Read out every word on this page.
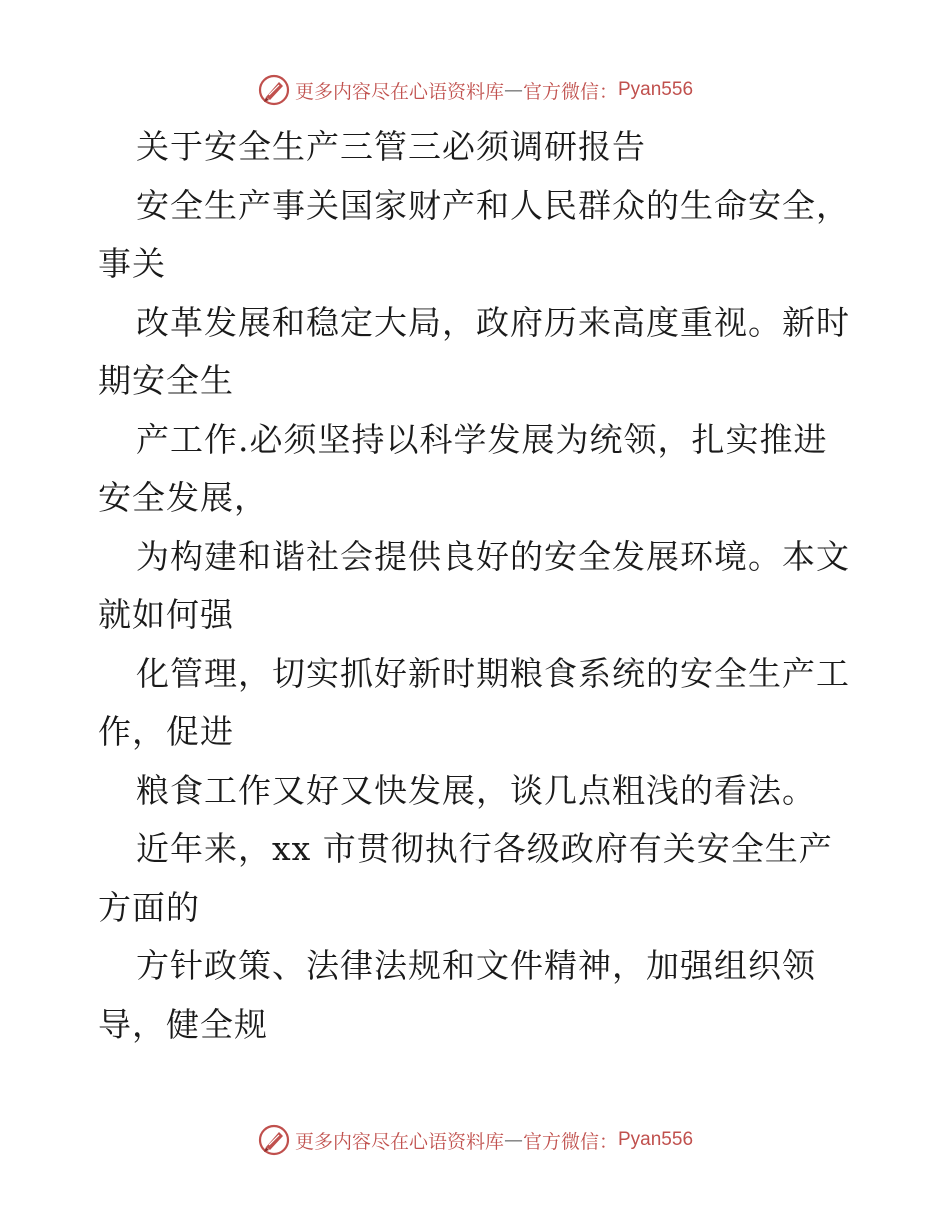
更多内容尽在心语资料库 — 官方微信： Pyan556
关于安全生产三管三必须调研报告
安全生产事关国家财产和人民群众的生命安全，
事关
改革发展和稳定大局，政府历来高度重视。新时
期安全生
产工作.必须坚持以科学发展为统领，扎实推进
安全发展，
为构建和谐社会提供良好的安全发展环境。本文
就如何强
化管理，切实抓好新时期粮食系统的安全生产工
作，促进
粮食工作又好又快发展，谈几点粗浅的看法。
近年来，xx 市贯彻执行各级政府有关安全生产
方面的
方针政策、法律法规和文件精神，加强组织领
导，健全规
更多内容尽在心语资料库 — 官方微信： Pyan556
